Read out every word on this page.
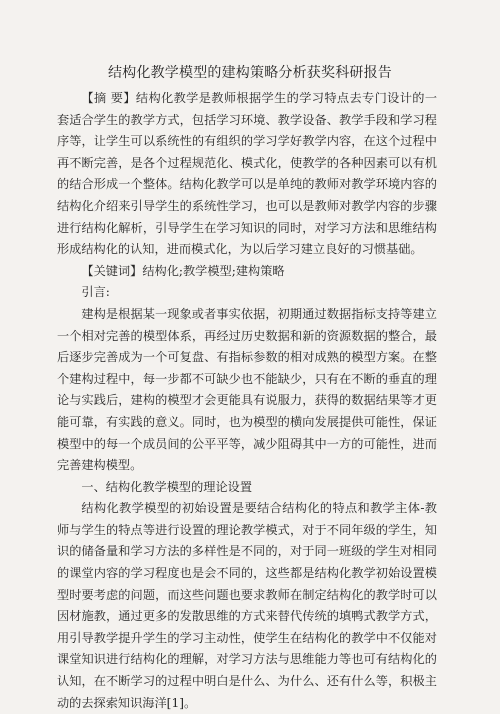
结构化教学模型的建构策略分析获奖科研报告

【摘 要】结构化教学是教师根据学生的学习特点去专门设计的一套适合学生的教学方式，包括学习环境、教学设备、教学手段和学习程序等，让学生可以系统性的有组织的学习学好教学内容，在这个过程中再不断完善，是各个过程规范化、模式化，使教学的各种因素可以有机的结合形成一个整体。结构化教学可以是单纯的教师对教学环境内容的结构化介绍来引导学生的系统性学习，也可以是教师对教学内容的步骤进行结构化解析，引导学生在学习知识的同时，对学习方法和思维结构形成结构化的认知，进而模式化，为以后学习建立良好的习惯基础。

【关键词】结构化;教学模型;建构策略

引言:

建构是根据某一现象或者事实依据，初期通过数据指标支持等建立一个相对完善的模型体系，再经过历史数据和新的资源数据的整合，最后逐步完善成为一个可复盘、有指标参数的相对成熟的模型方案。在整个建构过程中，每一步都不可缺少也不能缺少，只有在不断的垂直的理论与实践后，建构的模型才会更能具有说服力，获得的数据结果等才更能可靠，有实践的意义。同时，也为模型的横向发展提供可能性，保证模型中的每一个成员间的公平平等，减少阻碍其中一方的可能性，进而完善建构模型。

一、结构化教学模型的理论设置

结构化教学模型的初始设置是要结合结构化的特点和教学主体-教师与学生的特点等进行设置的理论教学模式，对于不同年级的学生，知识的储备量和学习方法的多样性是不同的，对于同一班级的学生对相同的课堂内容的学习程度也是会不同的，这些都是结构化教学初始设置模型时要考虑的问题，而这些问题也要求教师在制定结构化的教学时可以因材施教，通过更多的发散思维的方式来替代传统的填鸭式教学方式，用引导教学提升学生的学习主动性，使学生在结构化的教学中不仅能对课堂知识进行结构化的理解，对学习方法与思维能力等也可有结构化的认知，在不断学习的过程中明白是什么、为什么、还有什么等，积极主动的去探索知识海洋[1]。
